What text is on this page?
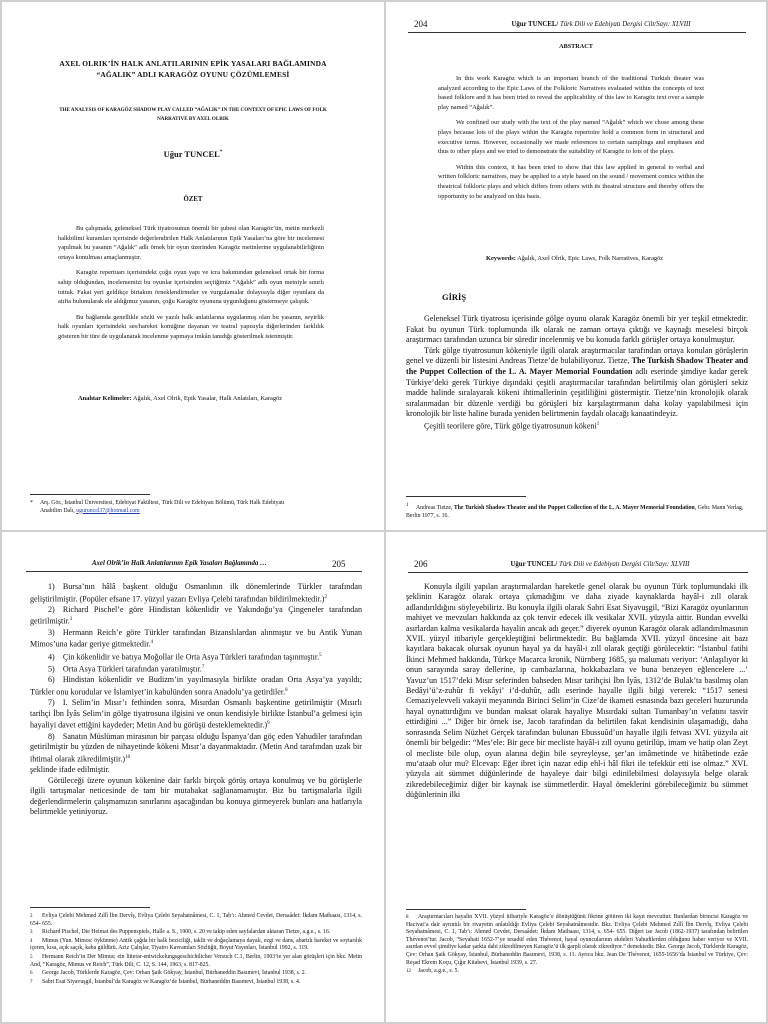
AXEL OLRIK’İN HALK ANLATILARININ EPİK YASALARI BAĞLAMINDA
“AĞALIK” ADLI KARAGÖZ OYUNU ÇÖZÜMLEMESİ
THE ANALYSIS OF KARAGÖZ SHADOW PLAY CALLED “AĞALIK” IN THE CONTEXT OF EPIC LAWS OF FOLK
NARRATIVE BY AXEL OLRIK
Uğur TUNCEL*
ÖZET

Bu çalışmada, geleneksel Türk tiyatrosunun önemli bir şubesi olan Karagöz’ün, metin merkezli halkbilimi kuramları içerisinde değerlendirilen Halk Anlatılarının Epik Yasaları’na göre bir incelemesi yapılmak bu yasanın “Ağalık” adlı örnek bir oyun üzerinden Karagöz metinlerine uygulanabilirliğinin ortaya konulması amaçlanmıştır.

Karagöz repertuarı içerisindeki çoğu oyun yapı ve icra bakımından geleneksel ortak bir forma sahip olduğundan, incelememizi bu oyunlar içerisinden seçtiğimiz “Ağalık” adlı oyun metniyle sınırlı tuttuk. Fakat yeri geldikçe birtakım örneklendirmeler ve vurgulamalar dolayısıyla diğer oyunlara da atıfta bulunularak ele aldığımız yasanın, çoğu Karagöz oyununa uygunluğunu göstermeye çalıştık.

Bu bağlamda genellikle sözlü ve yazılı halk anlatılarına uygulanmış olan bu yasanın, seyirlik halk oyunları içerisindeki ses/hareket komiğine dayanan ve teatral yapısıyla diğerlerinden farklılık gösteren bir türe de uygulanarak incelenme yapmaya imkân tanıdığı gösterilmek istenmiştir.

Anahtar Kelimeler: Ağalık, Axel Olrik, Epik Yasalar, Halk Anlatıları, Karagöz
* Arş. Gör., İstanbul Üniversitesi, Edebiyat Fakültesi, Türk Dili ve Edebiyatı Bölümü, Türk Halk Edebiyatı
Anabilim Dalı, uguruncel37@hotmail.com
204	Uğur TUNCEL/ Türk Dili ve Edebiyatı Dergisi Cilt/Sayı: XLVIII
ABSTRACT

In this work Karagöz which is an important branch of the traditional Turkish theater was analyzed according to the Epic Laws of the Folkloric Narratives evaluated within the concepts of text based folklore and it has been tried to reveal the applicability of this law to Karagöz text over a sample play named “Ağalık”.

We confined our study with the text of the play named “Ağalık” which we chose among these plays because lots of the plays within the Karagöz repertoire hold a common form in structural and executive terms. However, occasionally we made references to certain samplings and emphases and thus to other plays and we tried to demonstrate the suitability of Karagöz to lots of the plays.

Within this context, it has been tried to show that this law applied in general to verbal and written folkloric narratives, may be applied to a style based on the sound / movement comics within the theatrical folkloric plays and which differs from others with its theatral structure and thereby offers the opportunity to be analyzed on this basis.

Keywords: Ağalık, Axel Olrik, Epic Laws, Folk Narratives, Karagöz
GİRİŞ

Geleneksel Türk tiyatrosu içerisinde gölge oyunu olarak Karagöz önemli bir yer teşkil etmektedir. Fakat bu oyunun Türk toplumunda ilk olarak ne zaman ortaya çıktığı ve kaynağı meselesi birçok araştırmacı tarafından uzunca bir süredir incelenmiş ve bu konuda farklı görüşler ortaya konulmuştur.

Türk gölge tiyatrosunun kökeniyle ilgili olarak araştırmacılar tarafından ortaya konulan görüşlerin genel ve düzenli bir listesini Andreas Tietze’de bulabiliyoruz. Tietze, The Turkish Shadow Theater and the Puppet Collection of the L. A. Mayer Memorial Foundation adlı eserinde şimdiye kadar gerek Türkiye’deki gerek Türkiye dışındaki çeşitli araştırmacılar tarafından belirtilmiş olan görüşleri sekiz madde halinde sıralayarak kökeni ihtimallerinin çeşitliliğini göstermiştir. Tietze’nin kronolojik olarak sıralanmadan bir düzenle verdiği bu görüşleri biz karşılaştırmanın daha kolay yapılabilmesi için kronolojik bir liste haline burada yeniden belirtmenin faydalı olacağı kanaatindeyiz.

Çeşitli teorilere göre, Türk gölge tiyatrosunun kökeni$^1$

$^1$ Andreas Tietze, The Turkish Shadow Theater and the Puppet Collection of the L. A. Mayer Memorial Foundation, Gebr. Mann Verlag, Berlin 1977, s. 16.
Axel Olrik’in Halk Anlatılarının Epik Yasaları Bağlamında …	205

1) Bursa’nın hâlâ başkent olduğu Osmanlının ilk dönemlerinde Türkler tarafından geliştirilmiştir. (Popüler efsane 17. yüzyıl yazarı Evliya Çelebi tarafından bildirilmektedir.)$^2$

2) Richard Pischel’e göre Hindistan kökenlidir ve Yakındoğu’ya Çingeneler tarafından getirilmiştir.$^3$

3) Hermann Reich’e göre Türkler tarafından Bizanslılardan alınmıştır ve bu Antik Yunan Mimos’una kadar geriye gitmektedir.$^4$

4) Çin kökenlidir ve batıya Moğollar ile Orta Asya Türkleri tarafından taşınmıştır.$^5$

5) Orta Asya Türkleri tarafından yaratılmıştır.$^7$

6) Hindistan kökenlidir ve Budizm’in yayılmasıyla birlikte oradan Orta Asya’ya yayıldı; Türkler onu korudular ve İslamiyet’in kabulünden sonra Anadolu’ya getirdiler.$^8$

7) I. Selim’in Mısır’ı fethinden sonra, Mısırdan Osmanlı başkentine getirilmiştir (Mısırlı tarihçi İbn İyâs Selim’in gölge tiyatrosuna ilgisini ve onun kendisiyle birlikte İstanbul’a gelmesi için hayaliyi davet ettiğini kaydeder; Metin And bu görüşü desteklemektedir.)$^9$

8) Sanatın Müslüman mirasının bir parçası olduğu İspanya’dan göç eden Yahudiler tarafından getirilmiştir bu yüzden de nihayetinde kökeni Mısır’a dayanmaktadır. (Metin And tarafından uzak bir ihtimal olarak zikredilmiştir.)$^{10}$

şeklinde ifade edilmiştir.

Görüleceği üzere oyunun kökenine dair farklı birçok görüş ortaya konulmuş ve bu görüşlerle ilgili tartışmalar neticesinde de tam bir mutabakat sağlanamamıştır. Biz bu tartışmalarla ilgili değerlendirmelerin çalışmamızın sınırlarını aşacağından bu konuya girmeyerek bunları ana hatlarıyla belirtmekle yetiniyoruz.

$^2$ Evliya Çelebi Mehmed Zıllî İbn Dervîş, Evliya Çelebi Seyahatnâmesi, C. 1, Tab’ı: Ahmed Cevdet, Dersaâdet: İkdam Matbaası, 1314, s. 654- 655.

$^3$ Richard Pischel, Die Heimat des Puppenspiels, Halle a. S., 1900, s. 20 ve takip eden sayfalardan aktaran Tietze, a.g.e., s. 16.

$^4$ Mimus (Yun. Mimos: öykünme) Antik çağda bir halk beziciliği, taklit ve doğaçlamaya dayalı, ezgi ve dans, abartılı hareket ve soytarılık içeren, kısa, açık saçık, kaba güldürü. Aziz Çalışlar, Tiyatro Kavramları Sözlüğü, Boyut Yayınları, İstanbul 1992, s. 119.

$^5$ Hermann Reich’in Der Mimus; ein litterar-entwickelungsgeschichtlicher Versuch C.1, Berlin, 1903’te yer alan görüşleri için bkz. Metin And, “Karagöz, Mimus ve Reich”, Türk Dili, C. 12, S. 144, 1963, s. 817-825.

$^6$ George Jacob, Türklerde Karagöz, Çev: Orhan Şaik Gökyay, İstanbul, Bürhaneddin Basımevi, İstanbul 1938, s. 2.

$^7$ Sabri Esat Siyavuşgil, İstanbul’da Karagöz ve Karagöz’de İstanbul, Bürhaneddin Basımevi, İstanbul 1938, s. 4.

206	Uğur TUNCEL/ Türk Dili ve Edebiyatı Dergisi Cilt/Sayı: XLVIII
Konuyla ilgili yapılan araştırmalardan hareketle genel olarak bu oyunun Türk toplumundaki ilk şeklinin Karagöz olarak ortaya çıkmadığını ve daha ziyade kaynaklarda hayâl-i zıll olarak adlandırıldığını söyleyebiliriz. Bu konuyla ilgili olarak Sabri Esat Siyavuşgil, “Bizi Karagöz oyunlarının mahiyet ve mevzuları hakkında az çok tenvir edecek ilk vesikalar XVII. yüzyıla aittir. Bundan evvelki asırlardan kalma vesikalarda hayalin ancak adı geçer.” diyerek oyunun Karagöz olarak adlandırılmasının XVII. yüzyıl itibariyle gerçekleştiğini belirtmektedir. Bu bağlamda XVII. yüzyıl öncesine ait bazı kayıtlara bakacak olursak oyunun hayal ya da hayâl-i zıll olarak geçtiği görülecektir: “İstanbul fatihi İkinci Mehmed hakkında, Türkçe Macarca kronik, Nürnberg 1685, şu malumatı veriyor: ‘Anlaşılıyor ki onun sarayında saray dellerine, ip cambazlarına, hokkabazlara ve buna benzeyen eğlencelere ...’ Yavuz’un 1517’deki Mısır seferinden bahseden Mısır tarihçisi İbn İyâs, 1312’de Bulak’ta basılmış olan Bedâyi’ü’z-zuhûr fi vekâyi’ i’d-duhûr, adlı eserinde hayalle ilgili bilgi vererek: “1517 senesi Cemaziyelevveli vakayii meyanında Birinci Selim’in Cize’de ikameti esnasında bazı geceleri huzurunda hayal oynattırdığını ve bundan maksat olarak hayaliye Mısırdaki sultan Tumanbay’ın vefatını tasvir ettirdiğini ...” Diğer bir örnek ise, Jacob tarafından da belirtilen fakat kendisinin ulaşamadığı, daha sonrasında Selim Nüzhet Gerçek tarafından bulunan Ebussuûd’un hayalle ilgili fetvası XVI. yüzyıla ait önemli bir belgedir: “Mes’ele: Bir gece bir mecliste hayâl-i zıll oyunu getirilüp, imam ve hatip olan Zeyt ol mecliste bile olup, oyun alarına değin bile seyreyleyse, şer’an imâmetinde ve hitâbetinde ezâe mu‘ataab olur mu? Elcevap: Eğer ibret için nazar edip ehl-i hâl fikri ile tefekkür etti ise olmaz.” XVI. yüzyıla ait sümmet düğünlerinde de hayaleye dair bilgi edinilebilmesi dolayısıyla belge olarak zikredebileceğimiz diğer bir kaynak ise sümmetlerdir. Hayal ömeklerini görebileceğimiz bu sümmet düğünlerinin ilki

$^8$ Araştırmacıları hayalin XVII. yüzyıl itibariyle Karagöz’e dönüştüğünü fikrine götüren iki kayıt mevcuttur. Bunlardan birincisi Karagöz ve Hacivat’a dair ayrıntılı bir rivayetin anlatıldığı Evliya Çelebi Seyahatnâmesidir. Bkz. Evliya Çelebi Mehmed Zıllî İbn Dervîş, Evliya Çelebi Seyahatnâmesi, C. 1, Tab’ı: Ahmed Cevdet, Dersaâdet: İkdam Matbaası, 1314, s. 654- 655. Diğeri ise Jacob (1862-1937) tarafından belirtilen Thévenot’tur. Jacob, “Seyahati 1652-7’ye tesadüf eden Thévenot, hayal oyuncularının ekdeleri Yahudilerden olduğunu haber veriyor ve XVII. asırdan evvel şimdiye kadar şarkta dahi zikredilmeyen Karagöz’ü ilk garpli olarak zikrediyor.” demektedir. Bkz. George Jacob, Türklerde Karagöz, Çev: Orhan Şaik Gökyay, İstanbul, Bürhaneddin Basımevi, 1938, s. 11. Ayrıca bkz. Jean De Thévenot, 1655-1656’da İstanbul ve Türkiye, Çev: Reşad Ekrem Koçu, Çığır Kitabevi, İstanbul 1939, s. 27.

$^{12}$ Jacob, a.g.e., s. 5.
